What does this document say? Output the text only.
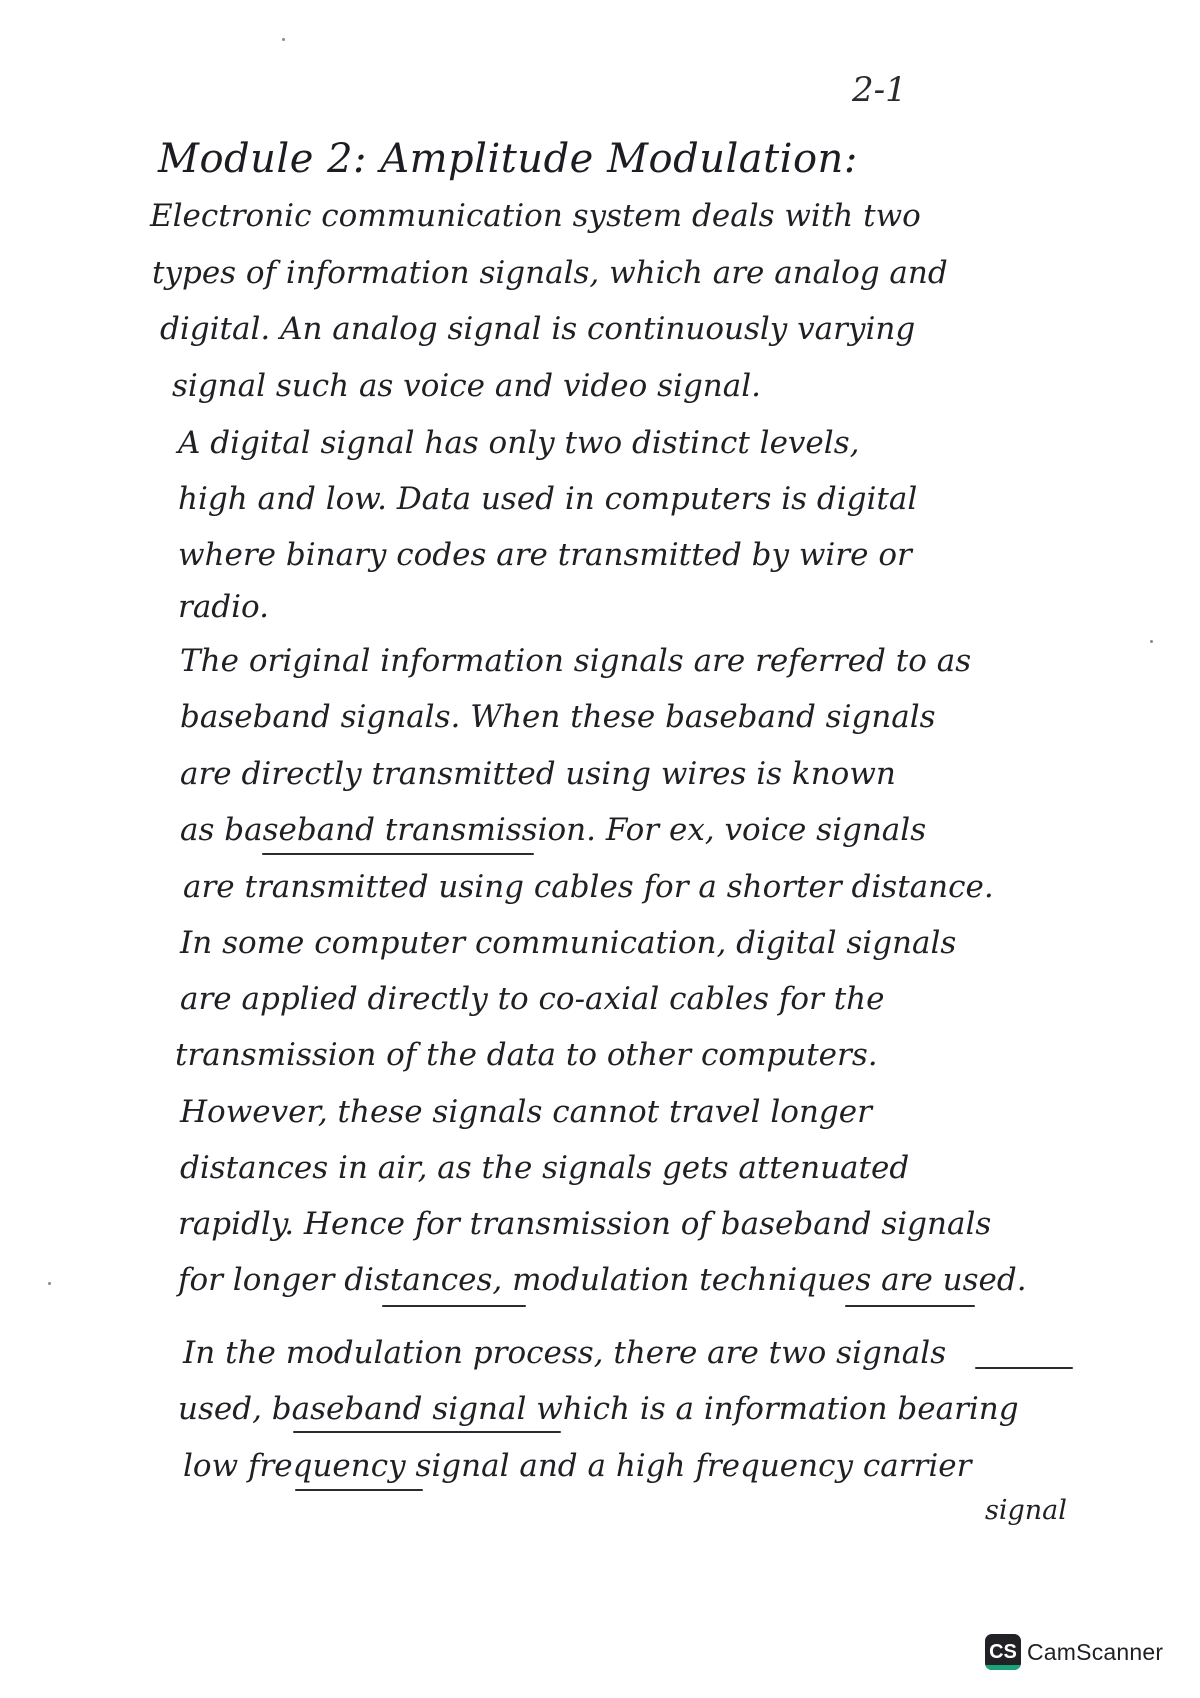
2-1
Module 2: Amplitude Modulation:
Electronic communication system deals with two
types of information signals, which are analog and
digital. An analog signal is continuously varying
signal such as voice and video signal.
A digital signal has only two distinct levels,
high and low. Data used in computers is digital
where binary codes are transmitted by wire or
radio.
The original information signals are referred to as
baseband signals. When these baseband signals
are directly transmitted using wires is known
as baseband transmission. For ex, voice signals
are transmitted using cables for a shorter distance.
In some computer communication, digital signals
are applied directly to co-axial cables for the
transmission of the data to other computers.
However, these signals cannot travel longer
distances in air, as the signals gets attenuated
rapidly. Hence for transmission of baseband signals
for longer distances, modulation techniques are used.
In the modulation process, there are two signals
used, baseband signal which is a information bearing
low frequency signal and a high frequency carrier
signal
CS CamScanner
